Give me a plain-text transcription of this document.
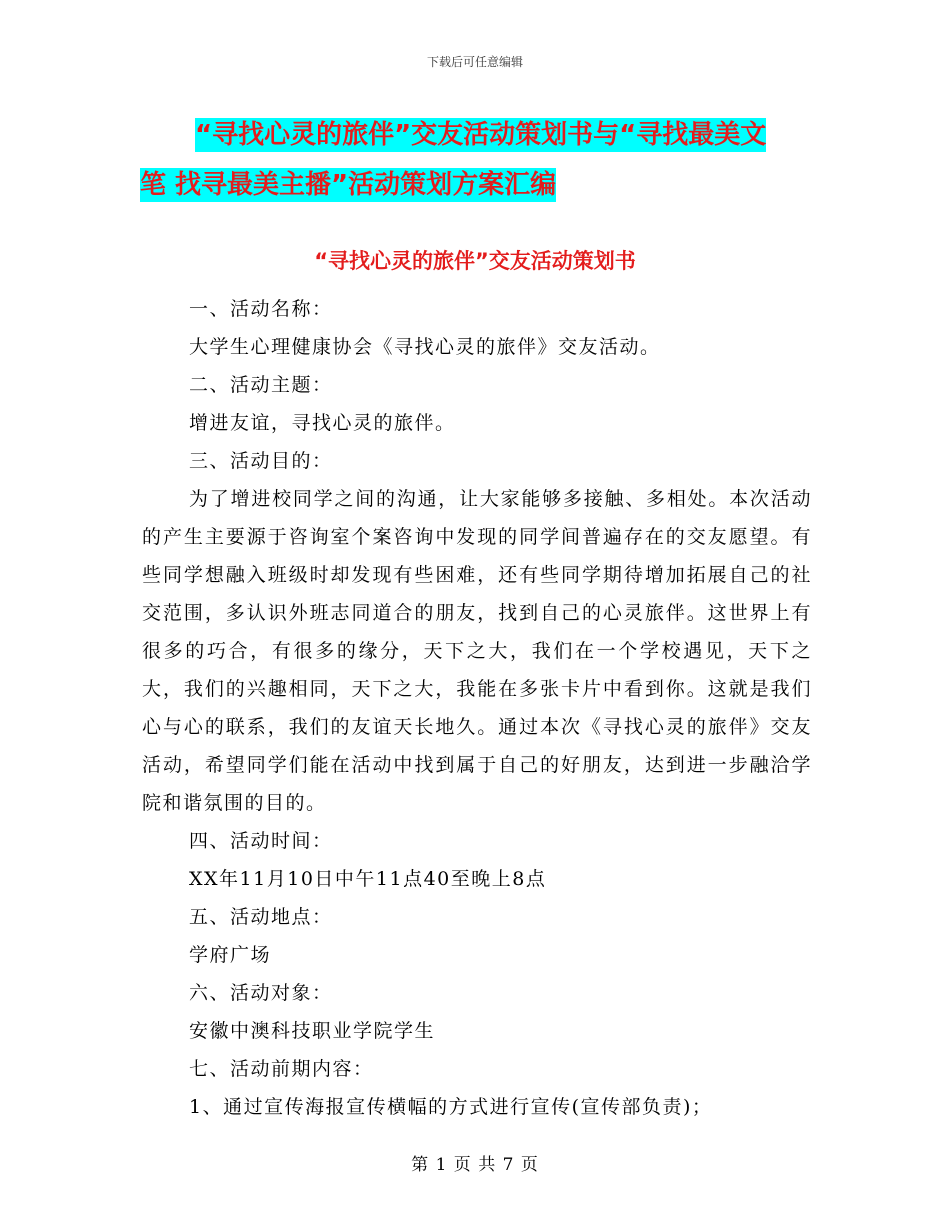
下载后可任意编辑
“寻找心灵的旅伴”交友活动策划书与“寻找最美文
笔 找寻最美主播”活动策划方案汇编
“寻找心灵的旅伴”交友活动策划书

一、活动名称：

大学生心理健康协会《寻找心灵的旅伴》交友活动。

二、活动主题：

增进友谊，寻找心灵的旅伴。

三、活动目的：

为了增进校同学之间的沟通，让大家能够多接触、多相处。本次活动的产生主要源于咨询室个案咨询中发现的同学间普遍存在的交友愿望。有些同学想融入班级时却发现有些困难，还有些同学期待增加拓展自己的社交范围，多认识外班志同道合的朋友，找到自己的心灵旅伴。这世界上有很多的巧合，有很多的缘分，天下之大，我们在一个学校遇见，天下之大，我们的兴趣相同，天下之大，我能在多张卡片中看到你。这就是我们心与心的联系，我们的友谊天长地久。通过本次《寻找心灵的旅伴》交友活动，希望同学们能在活动中找到属于自己的好朋友，达到进一步融洽学院和谐氛围的目的。

四、活动时间：

XX年11月10日中午11点40至晚上8点

五、活动地点：

学府广场

六、活动对象：

安徽中澳科技职业学院学生

七、活动前期内容：

1、通过宣传海报宣传横幅的方式进行宣传(宣传部负责)；

第 1 页 共 7 页
